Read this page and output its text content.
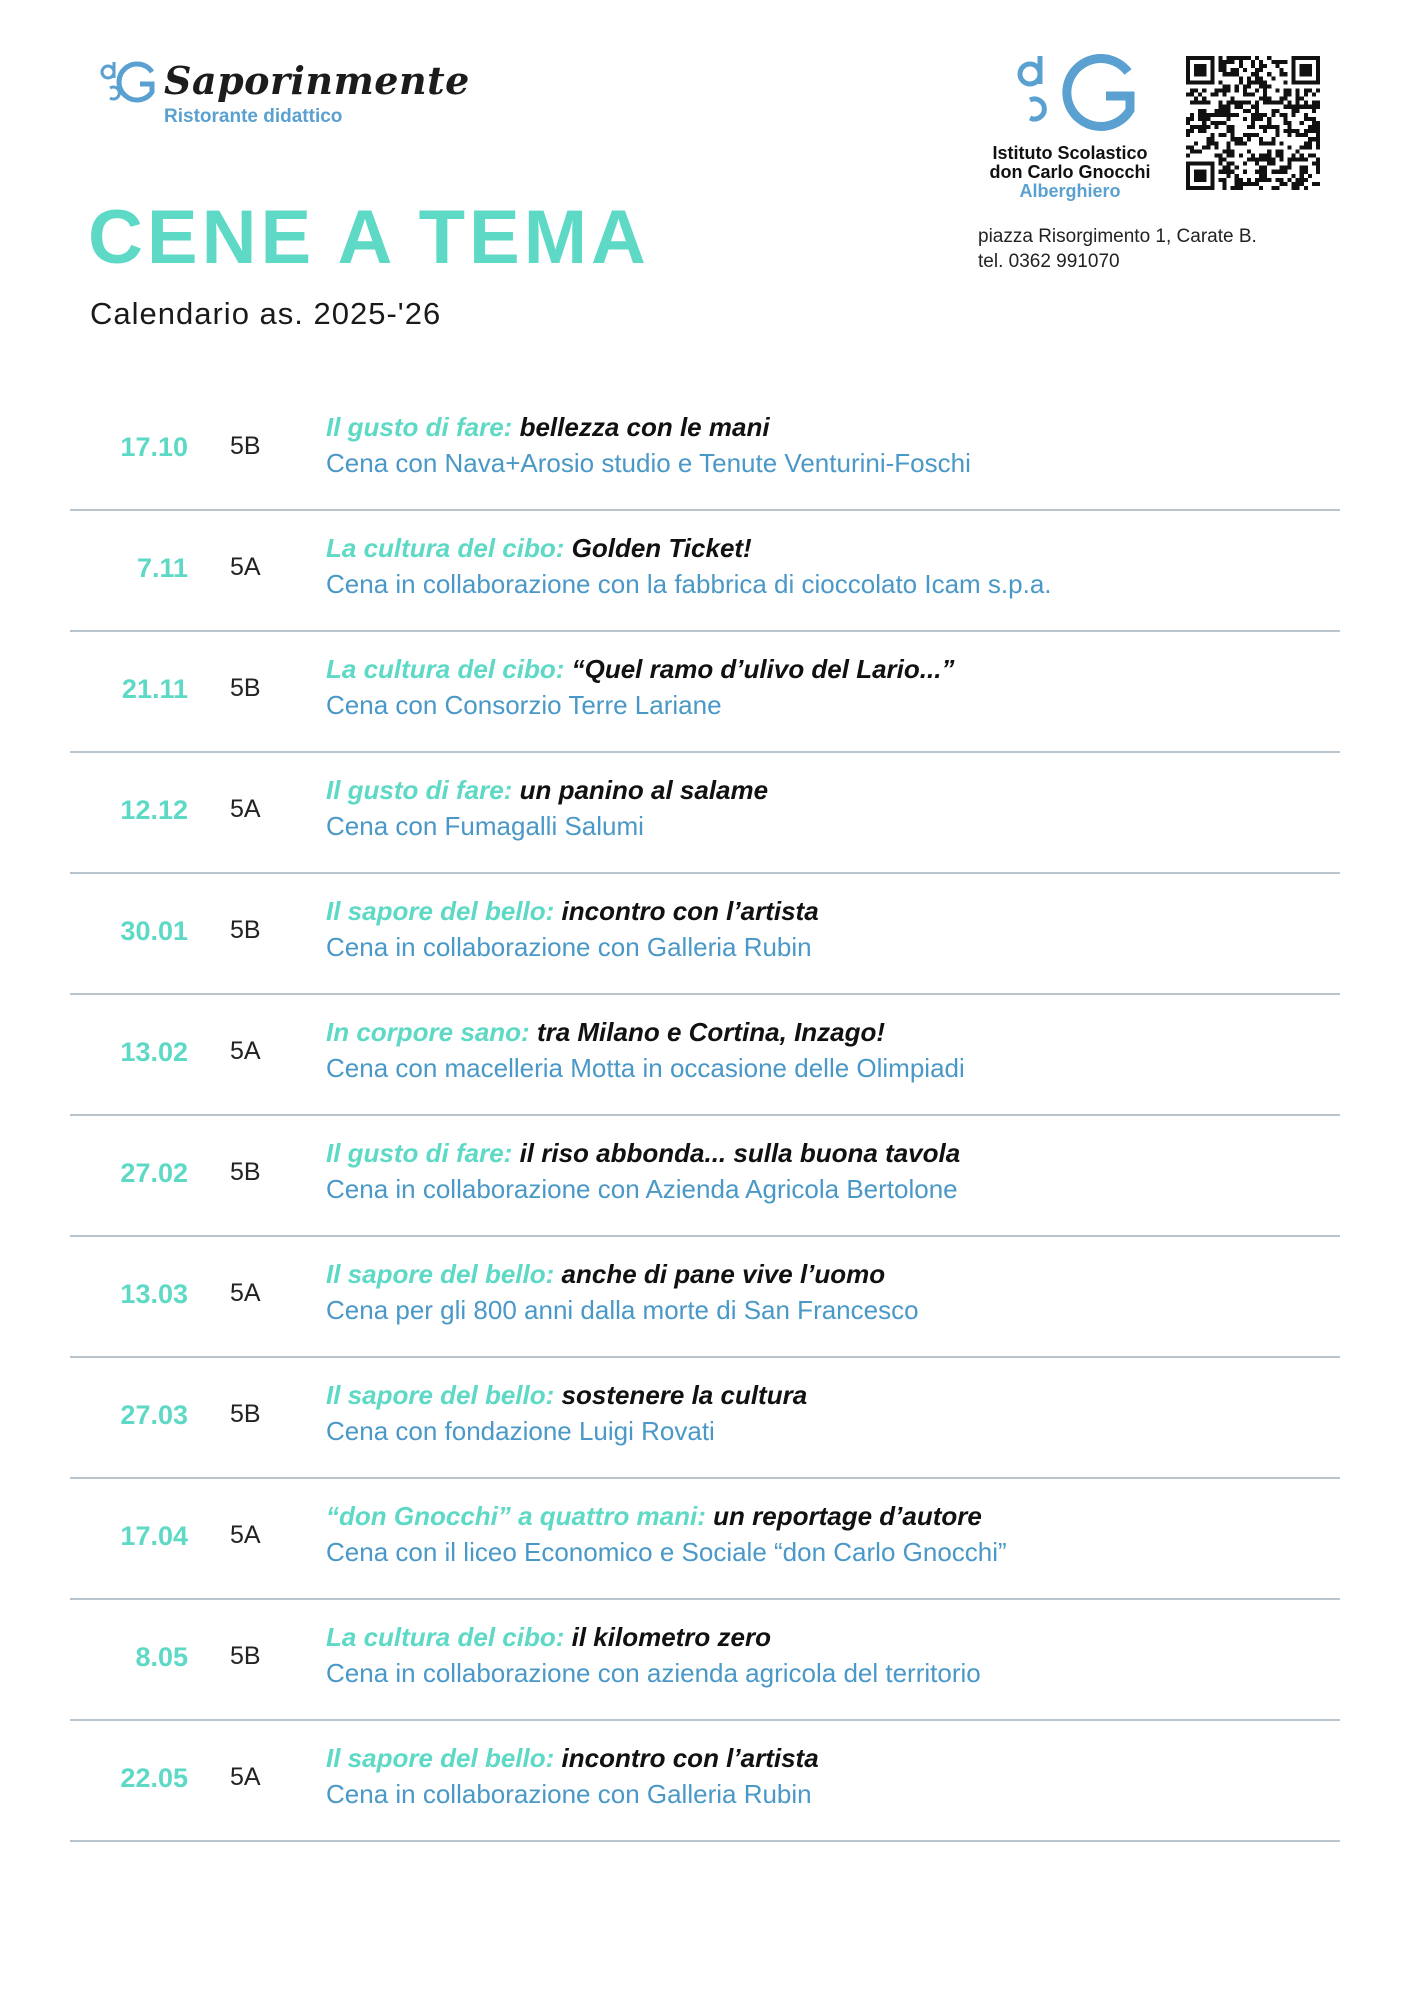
Saporinmente
Ristorante didattico
CENE A TEMA
Calendario as. 2025-'26
Istituto Scolastico
don Carlo Gnocchi
Alberghiero
piazza Risorgimento 1, Carate B.
tel. 0362 991070
17.10 5B
Il gusto di fare: bellezza con le mani
Cena con Nava+Arosio studio e Tenute Venturini-Foschi
7.11 5A
La cultura del cibo: Golden Ticket!
Cena in collaborazione con la fabbrica di cioccolato Icam s.p.a.
21.11 5B
La cultura del cibo: “Quel ramo d’ulivo del Lario...”
Cena con Consorzio Terre Lariane
12.12 5A
Il gusto di fare: un panino al salame
Cena con Fumagalli Salumi
30.01 5B
Il sapore del bello: incontro con l’artista
Cena in collaborazione con Galleria Rubin
13.02 5A
In corpore sano: tra Milano e Cortina, Inzago!
Cena con macelleria Motta in occasione delle Olimpiadi
27.02 5B
Il gusto di fare: il riso abbonda... sulla buona tavola
Cena in collaborazione con Azienda Agricola Bertolone
13.03 5A
Il sapore del bello: anche di pane vive l’uomo
Cena per gli 800 anni dalla morte di San Francesco
27.03 5B
Il sapore del bello: sostenere la cultura
Cena con fondazione Luigi Rovati
17.04 5A
“don Gnocchi” a quattro mani: un reportage d’autore
Cena con il liceo Economico e Sociale “don Carlo Gnocchi”
8.05 5B
La cultura del cibo: il kilometro zero
Cena in collaborazione con azienda agricola del territorio
22.05 5A
Il sapore del bello: incontro con l’artista
Cena in collaborazione con Galleria Rubin
